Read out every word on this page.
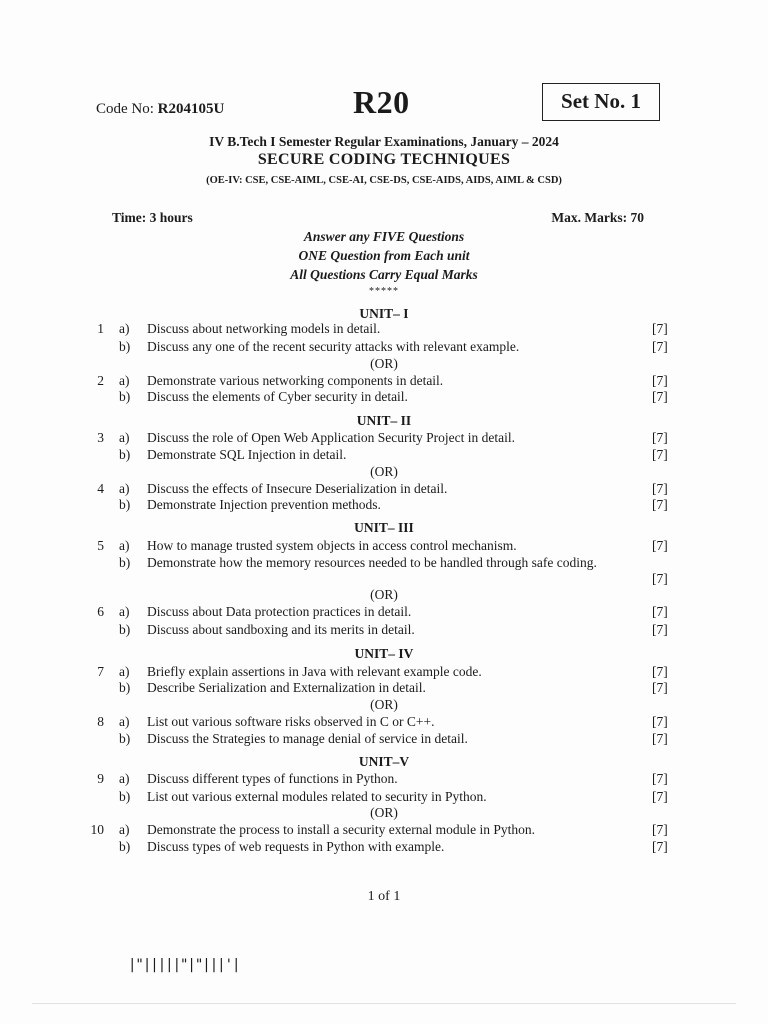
Code No: R204105U	R20	Set No. 1
IV B.Tech I Semester Regular Examinations, January – 2024
SECURE CODING TECHNIQUES
(OE-IV: CSE, CSE-AIML, CSE-AI, CSE-DS, CSE-AIDS, AIDS, AIML & CSD)
Time: 3 hours	Max. Marks: 70
Answer any FIVE Questions
ONE Question from Each unit
All Questions Carry Equal Marks
*****
UNIT– I
1 a) Discuss about networking models in detail.	[7]
b) Discuss any one of the recent security attacks with relevant example.	[7]
(OR)
2 a) Demonstrate various networking components in detail.	[7]
b) Discuss the elements of Cyber security in detail.	[7]
UNIT– II
3 a) Discuss the role of Open Web Application Security Project in detail.	[7]
b) Demonstrate SQL Injection in detail.	[7]
(OR)
4 a) Discuss the effects of Insecure Deserialization in detail.	[7]
b) Demonstrate Injection prevention methods.	[7]
UNIT– III
5 a) How to manage trusted system objects in access control mechanism.	[7]
b) Demonstrate how the memory resources needed to be handled through safe coding.
[7]
(OR)
6 a) Discuss about Data protection practices in detail.	[7]
b) Discuss about sandboxing and its merits in detail.	[7]
UNIT– IV
7 a) Briefly explain assertions in Java with relevant example code.	[7]
b) Describe Serialization and Externalization in detail.	[7]
(OR)
8 a) List out various software risks observed in C or C++.	[7]
b) Discuss the Strategies to manage denial of service in detail.	[7]
UNIT–V
9 a) Discuss different types of functions in Python.	[7]
b) List out various external modules related to security in Python.	[7]
(OR)
10 a) Demonstrate the process to install a security external module in Python.	[7]
b) Discuss types of web requests in Python with example.	[7]
1 of 1
|"|||||"|"|||'|
